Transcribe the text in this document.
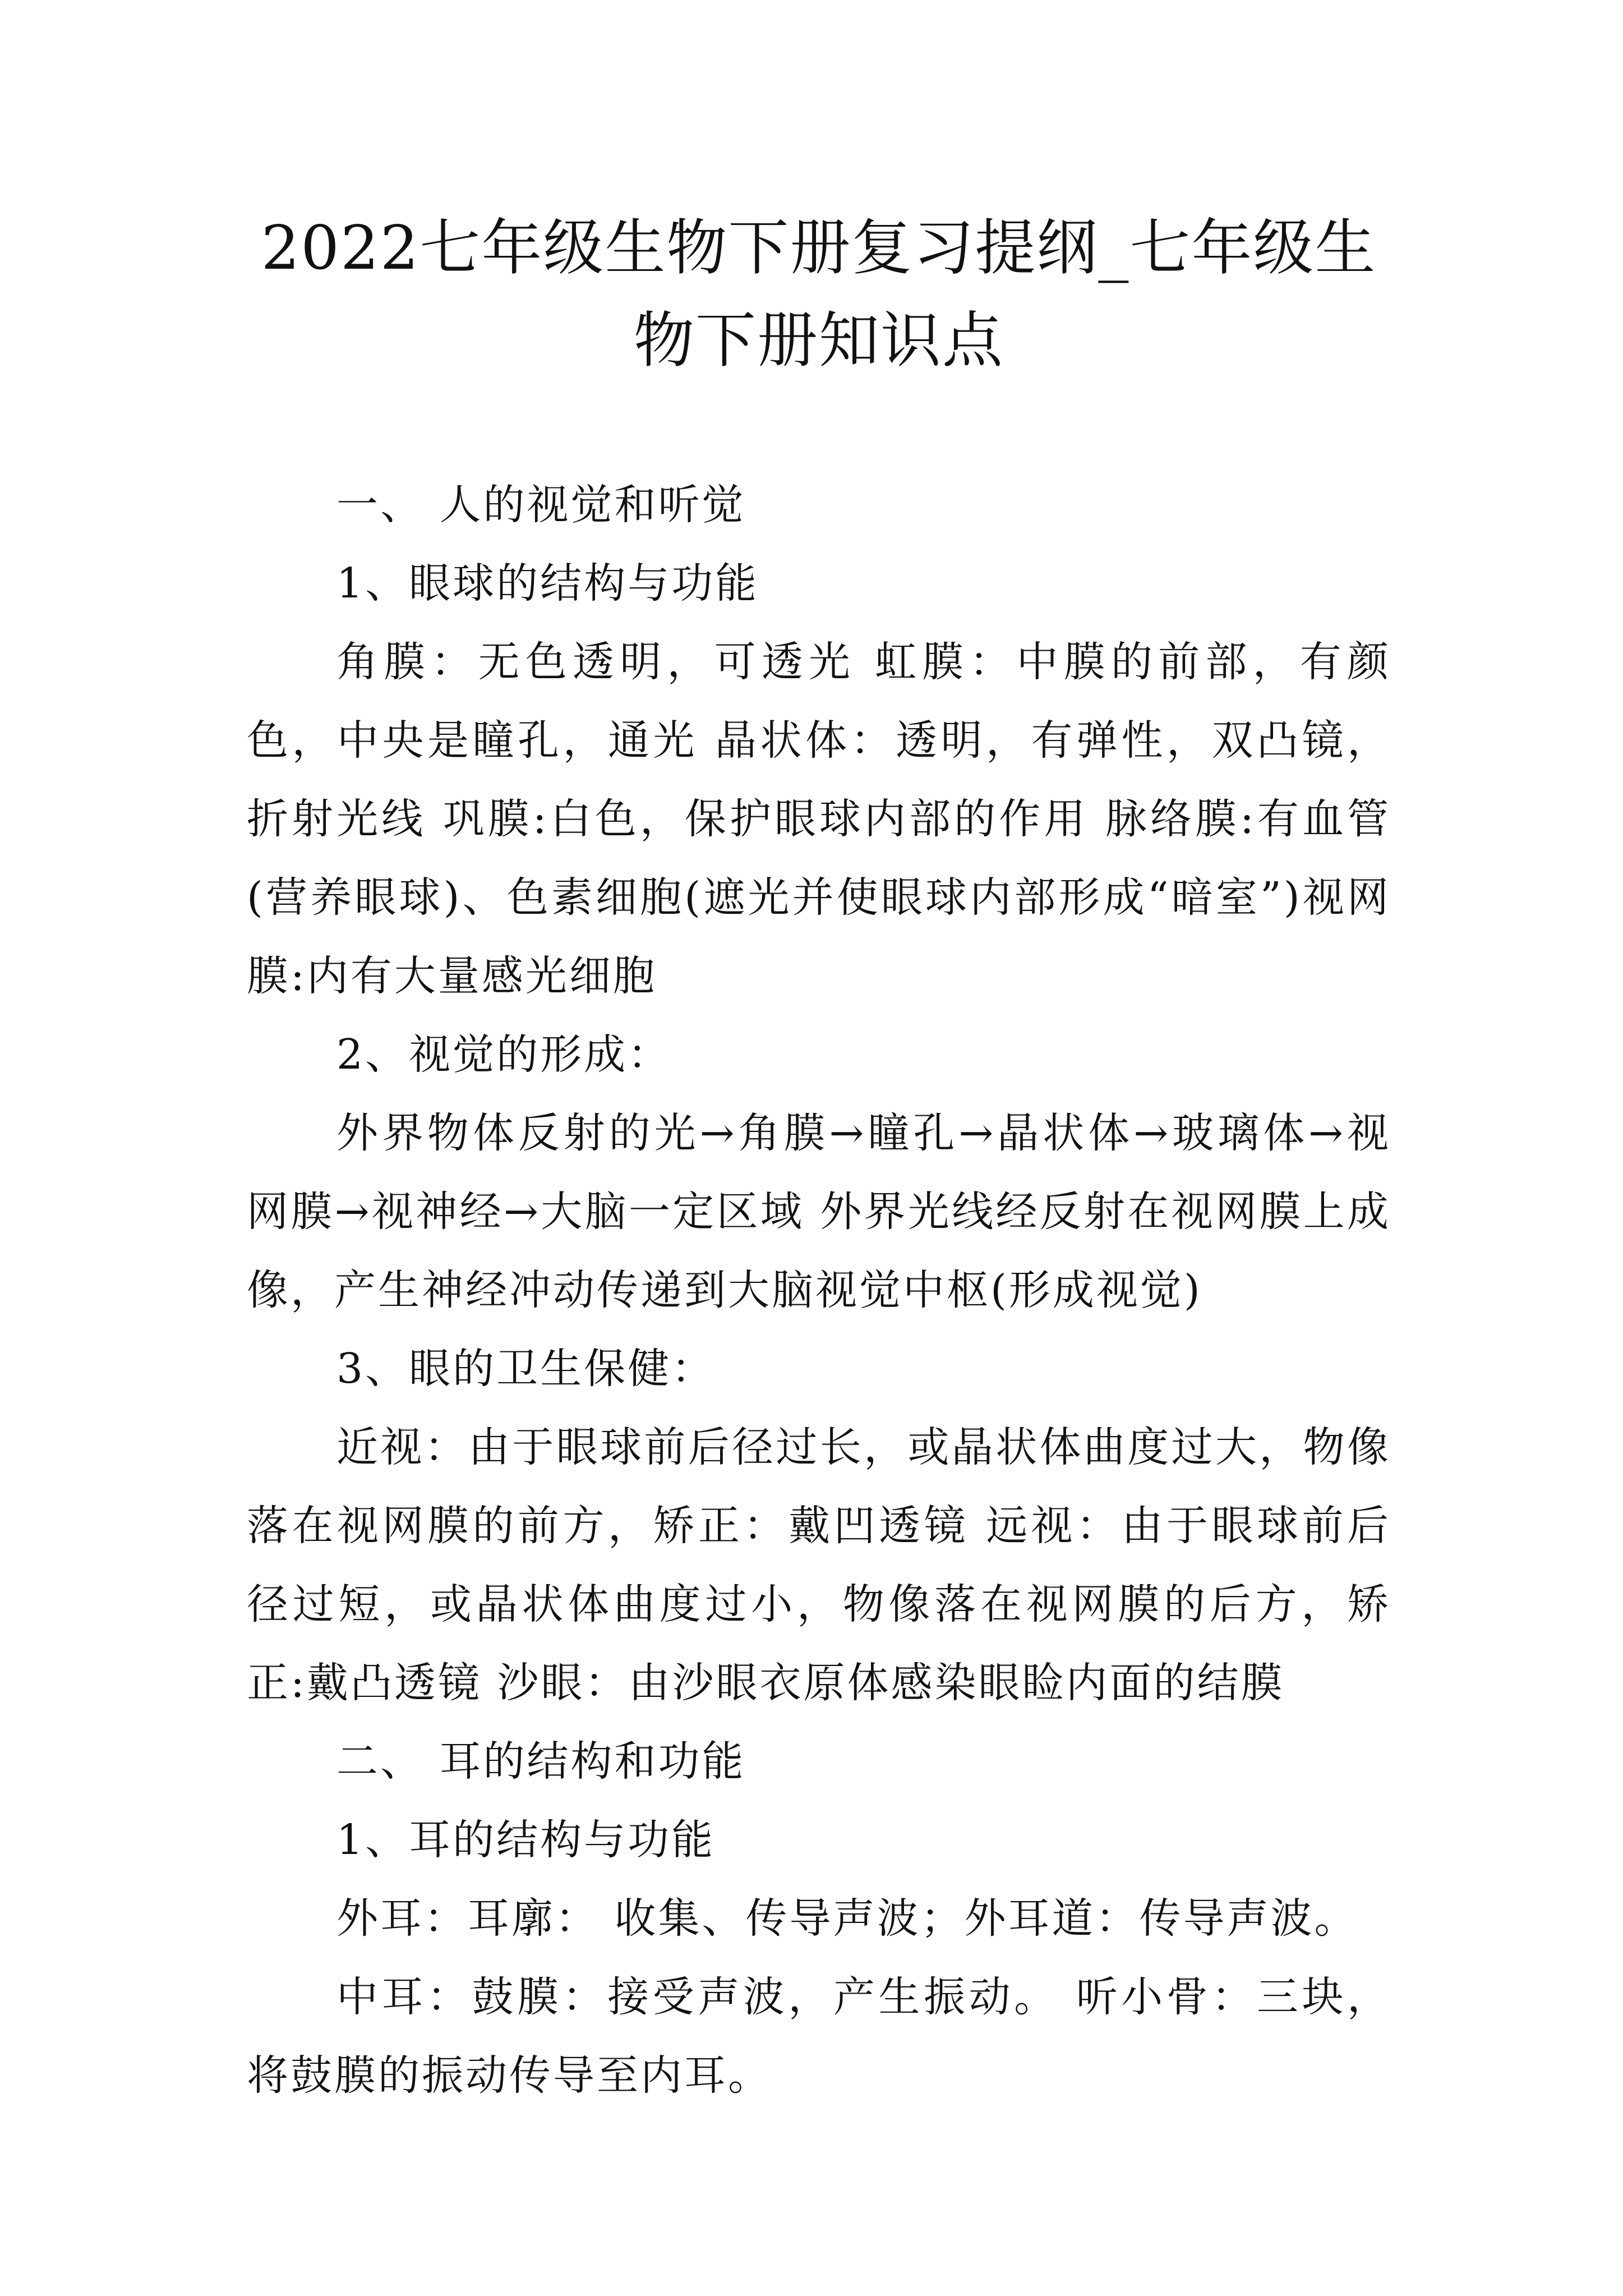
2022七年级生物下册复习提纲_七年级生物下册知识点

一、 人的视觉和听觉

1、眼球的结构与功能

角膜：无色透明，可透光 虹膜：中膜的前部，有颜色，中央是瞳孔，通光 晶状体：透明，有弹性，双凸镜，折射光线 巩膜:白色，保护眼球内部的作用 脉络膜:有血管(营养眼球)、色素细胞(遮光并使眼球内部形成“暗室”)视网膜:内有大量感光细胞

2、视觉的形成：

外界物体反射的光→角膜→瞳孔→晶状体→玻璃体→视网膜→视神经→大脑一定区域 外界光线经反射在视网膜上成像，产生神经冲动传递到大脑视觉中枢(形成视觉)

3、眼的卫生保健：

近视：由于眼球前后径过长，或晶状体曲度过大，物像落在视网膜的前方，矫正：戴凹透镜 远视：由于眼球前后径过短，或晶状体曲度过小，物像落在视网膜的后方，矫正:戴凸透镜 沙眼：由沙眼衣原体感染眼睑内面的结膜

二、 耳的结构和功能

1、耳的结构与功能

外耳：耳廓： 收集、传导声波；外耳道：传导声波。

中耳：鼓膜：接受声波，产生振动。 听小骨：三块，将鼓膜的振动传导至内耳。
